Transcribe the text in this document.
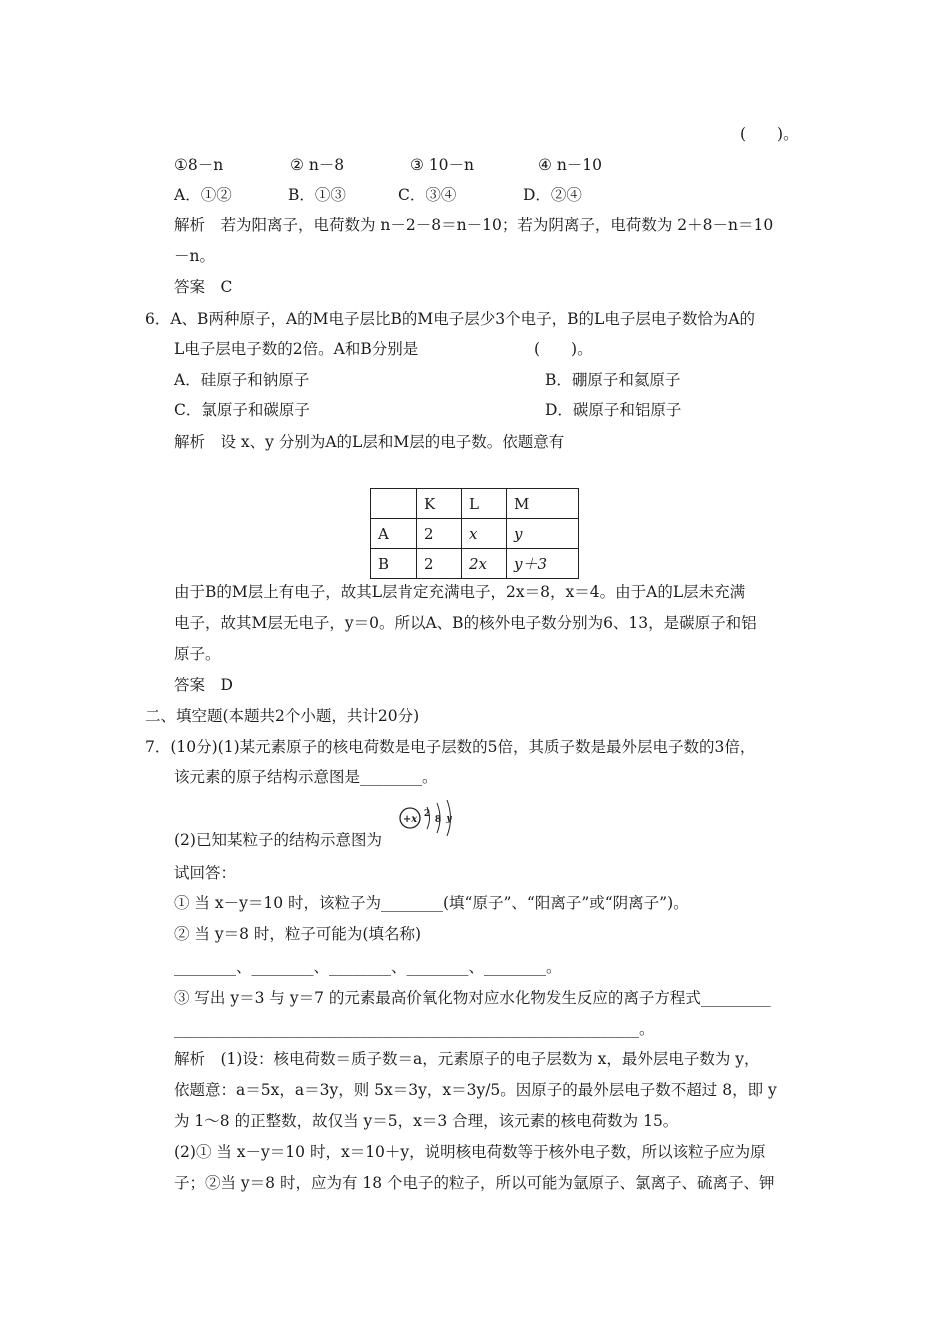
(　　)。
①8－n	② n－8	③ 10－n	④ n－10
A．①②	B．①③	C．③④	D．②④
解析　若为阳离子，电荷数为 n－2－8＝n－10；若为阴离子，电荷数为 2＋8－n＝10
－n。
答案　C
6．A、B两种原子，A的M电子层比B的M电子层少3个电子，B的L电子层电子数恰为A的
L电子层电子数的2倍。A和B分别是	(　　)。
A．硅原子和钠原子	B．硼原子和氦原子
C．氯原子和碳原子	D．碳原子和铝原子
解析　设 x、y 分别为A的L层和M层的电子数。依题意有
	K	L	M
A	2	x	y
B	2	2x	y＋3
由于B的M层上有电子，故其L层肯定充满电子，2x＝8，x＝4。由于A的L层未充满
电子，故其M层无电子，y＝0。所以A、B的核外电子数分别为6、13，是碳原子和铝
原子。
答案　D
二、填空题(本题共2个小题，共计20分)
7．(10分)(1)某元素原子的核电荷数是电子层数的5倍，其质子数是最外层电子数的3倍，
该元素的原子结构示意图是________。
+x 2
8 y
(2)已知某粒子的结构示意图为
试回答：
① 当 x－y＝10 时，该粒子为________(填“原子”、“阳离子”或“阴离子”)。
② 当 y＝8 时，粒子可能为(填名称)
________、________、________、________、________。
③ 写出 y＝3 与 y＝7 的元素最高价氧化物对应水化物发生反应的离子方程式_________
____________________________________________________________。
解析　(1)设：核电荷数＝质子数＝a，元素原子的电子层数为 x，最外层电子数为 y，
依题意：a＝5x，a＝3y，则 5x＝3y，x＝3y/5。因原子的最外层电子数不超过 8，即 y
为 1～8 的正整数，故仅当 y＝5，x＝3 合理，该元素的核电荷数为 15。
(2)① 当 x－y＝10 时，x＝10＋y，说明核电荷数等于核外电子数，所以该粒子应为原
子；②当 y＝8 时，应为有 18 个电子的粒子，所以可能为氩原子、氯离子、硫离子、钾
